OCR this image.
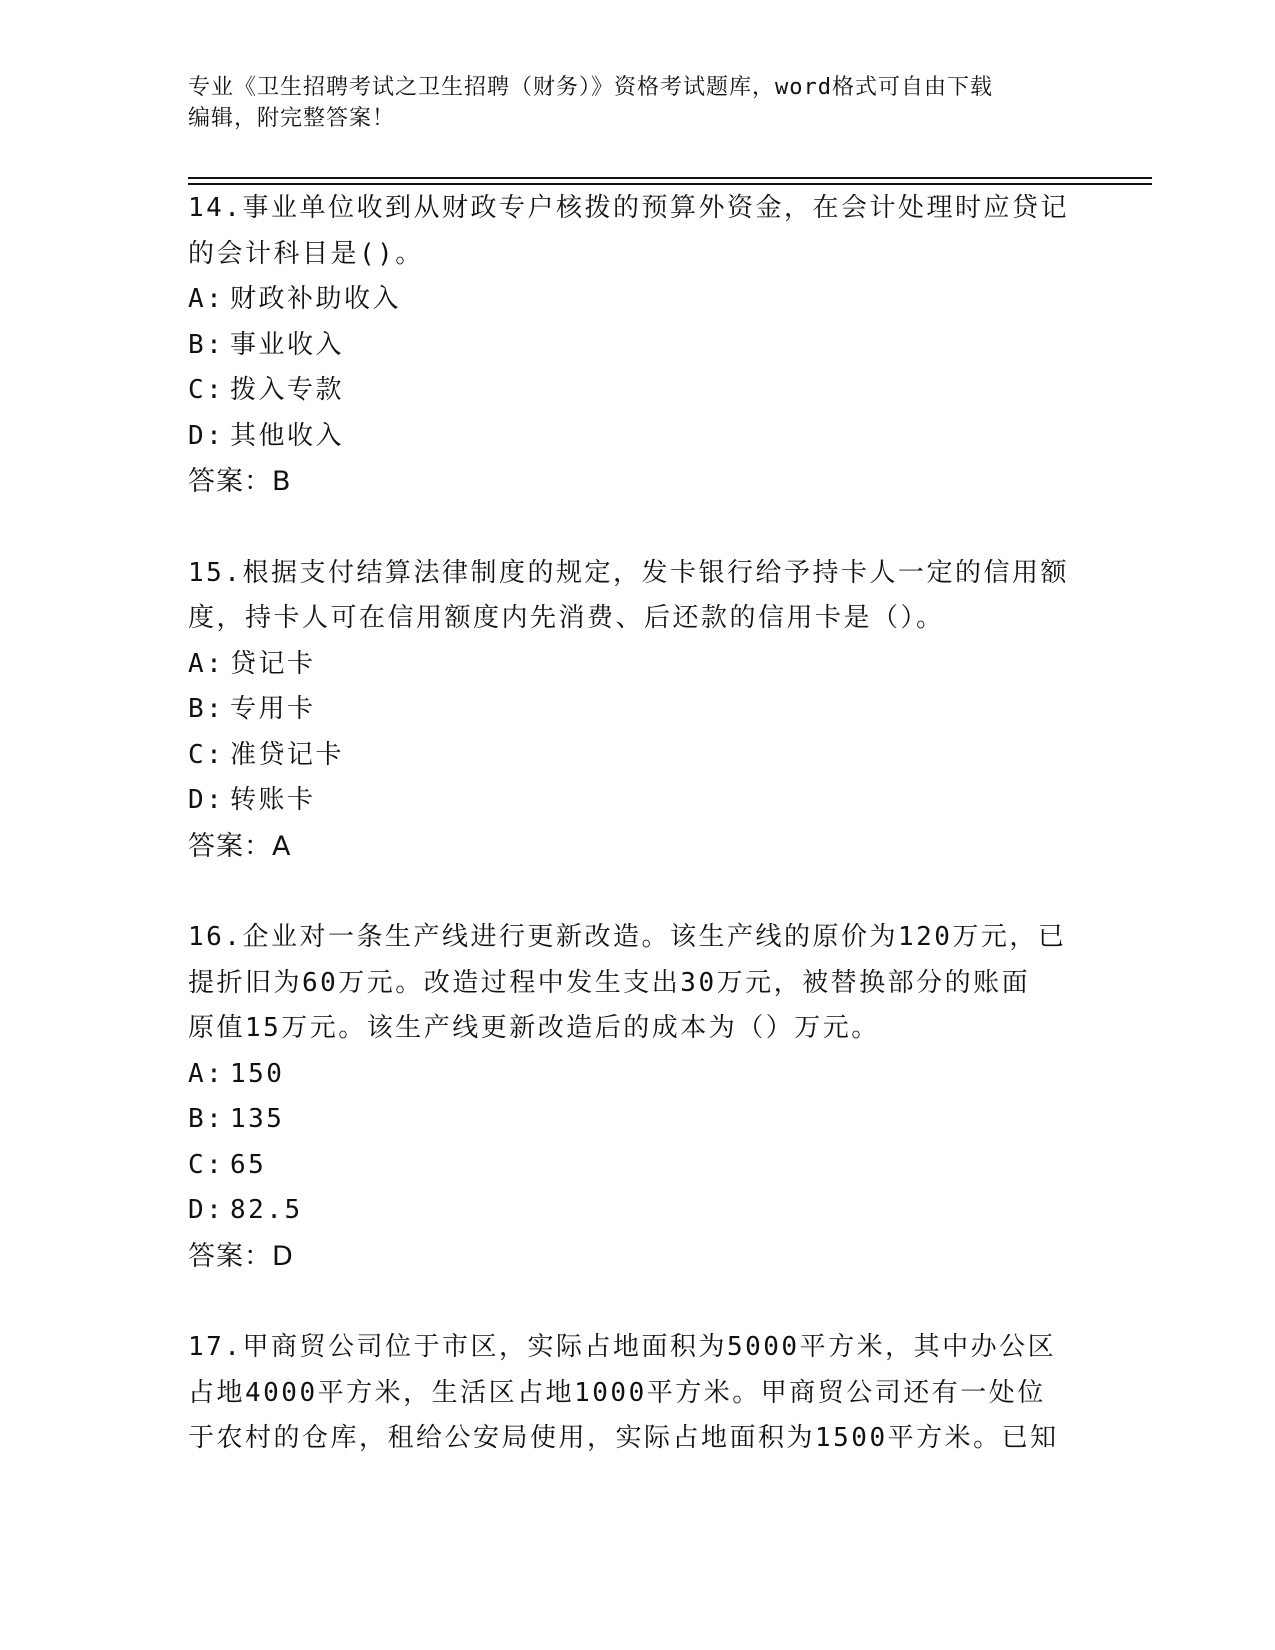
专业《卫生招聘考试之卫生招聘（财务）》资格考试题库，word格式可自由下载
编辑，附完整答案！
14.事业单位收到从财政专户核拨的预算外资金，在会计处理时应贷记
的会计科目是()。
A: 财政补助收入
B: 事业收入
C: 拨入专款
D: 其他收入
答案：B
15.根据支付结算法律制度的规定，发卡银行给予持卡人一定的信用额
度，持卡人可在信用额度内先消费、后还款的信用卡是（）。
A: 贷记卡
B: 专用卡
C: 准贷记卡
D: 转账卡
答案：A
16.企业对一条生产线进行更新改造。该生产线的原价为120万元，已
提折旧为60万元。改造过程中发生支出30万元，被替换部分的账面
原值15万元。该生产线更新改造后的成本为（）万元。
A: 150
B: 135
C: 65
D: 82.5
答案：D
17.甲商贸公司位于市区，实际占地面积为5000平方米，其中办公区
占地4000平方米，生活区占地1000平方米。甲商贸公司还有一处位
于农村的仓库，租给公安局使用，实际占地面积为1500平方米。已知
